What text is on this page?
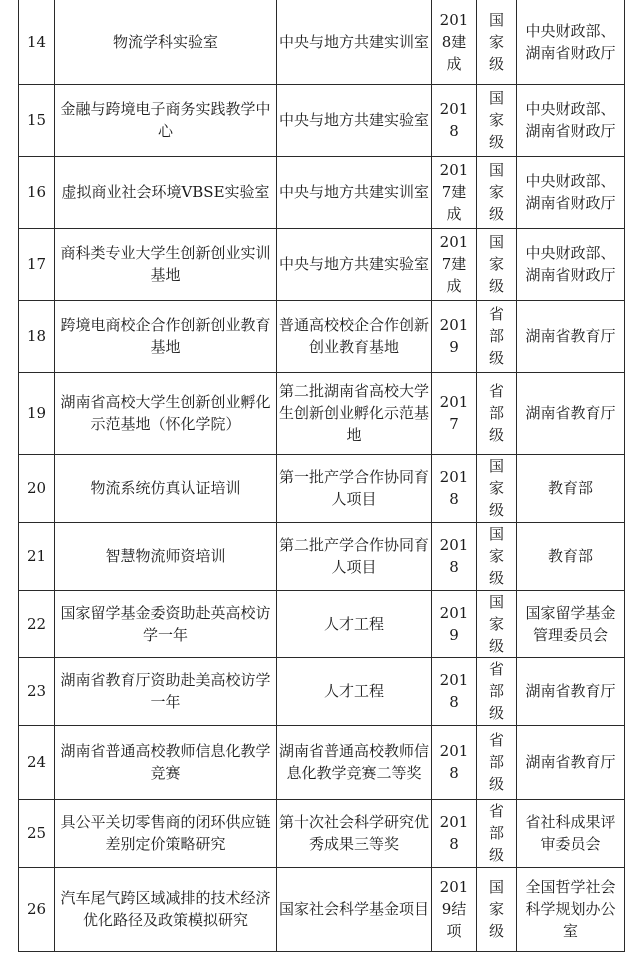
14	物流学科实验室	中央与地方共建实训室	2018建成	国家级	中央财政部、湖南省财政厅
15	金融与跨境电子商务实践教学中心	中央与地方共建实验室	2018	国家级	中央财政部、湖南省财政厅
16	虚拟商业社会环境VBSE实验室	中央与地方共建实训室	2017建成	国家级	中央财政部、湖南省财政厅
17	商科类专业大学生创新创业实训基地	中央与地方共建实验室	2017建成	国家级	中央财政部、湖南省财政厅
18	跨境电商校企合作创新创业教育基地	普通高校校企合作创新创业教育基地	2019	省部级	湖南省教育厅
19	湖南省高校大学生创新创业孵化示范基地（怀化学院）	第二批湖南省高校大学生创新创业孵化示范基地	2017	省部级	湖南省教育厅
20	物流系统仿真认证培训	第一批产学合作协同育人项目	2018	国家级	教育部
21	智慧物流师资培训	第二批产学合作协同育人项目	2018	国家级	教育部
22	国家留学基金委资助赴英高校访学一年	人才工程	2019	国家级	国家留学基金管理委员会
23	湖南省教育厅资助赴美高校访学一年	人才工程	2018	省部级	湖南省教育厅
24	湖南省普通高校教师信息化教学竞赛	湖南省普通高校教师信息化教学竞赛二等奖	2018	省部级	湖南省教育厅
25	具公平关切零售商的闭环供应链差别定价策略研究	第十次社会科学研究优秀成果三等奖	2018	省部级	省社科成果评审委员会
26	汽车尾气跨区域减排的技术经济优化路径及政策模拟研究	国家社会科学基金项目	2019结项	国家级	全国哲学社会科学规划办公室
